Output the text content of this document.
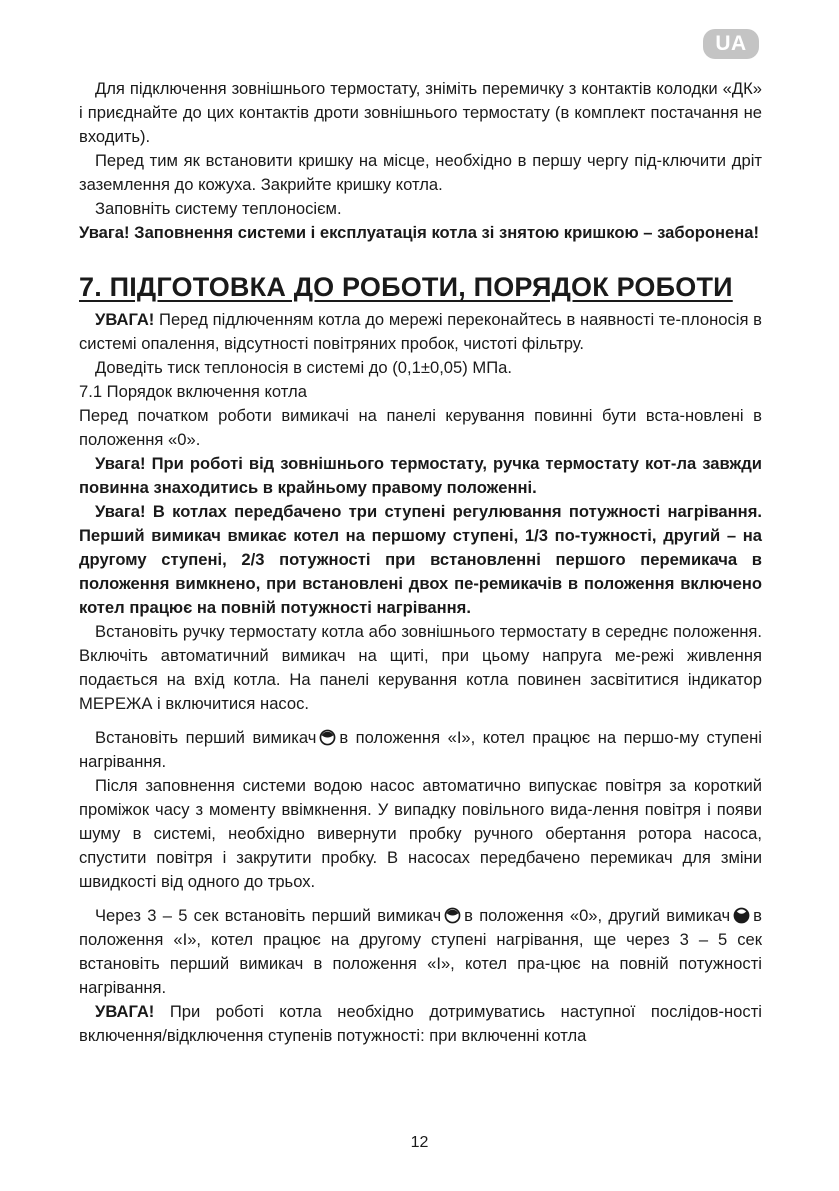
UA

Для підключення зовнішнього термостату, зніміть перемичку з контактів колодки «ДК» і приєднайте до цих контактів дроти зовнішнього термостату (в комплект постачання не входить).

Перед тим як встановити кришку на місце, необхідно в першу чергу під-ключити дріт заземлення до кожуха. Закрийте кришку котла.

Заповніть систему теплоносієм.

Увага! Заповнення системи і експлуатація котла зі знятою кришкою – заборонена!

7. ПІДГОТОВКА ДО РОБОТИ, ПОРЯДОК РОБОТИ

УВАГА! Перед підлюченням котла до мережі переконайтесь в наявності те-плоносія в системі опалення, відсутності повітряних пробок, чистоті фільтру.

Доведіть тиск теплоносія в системі до (0,1±0,05) МПа.

7.1 Порядок включення котла

Перед початком роботи вимикачі на панелі керування повинні бути вста-новлені в положення «0».

Увага! При роботі від зовнішнього термостату, ручка термостату кот-ла завжди повинна знаходитись в крайньому правому положенні.

Увага! В котлах передбачено три ступені регулювання потужності нагрівання. Перший вимикач вмикає котел на першому ступені, 1/3 по-тужності, другий – на другому ступені, 2/3 потужності при встановленні першого перемикача в положення вимкнено, при встановлені двох пе-ремикачів в положення включено котел працює на повній потужності нагрівання.

Встановіть ручку термостату котла або зовнішнього термостату в середнє положення. Включіть автоматичний вимикач на щиті, при цьому напруга ме-режі живлення подається на вхід котла. На панелі керування котла повинен засвітитися індикатор МЕРЕЖА і включитися насос.

Встановіть перший вимикач в положення «I», котел працює на першо-му ступені нагрівання.

Після заповнення системи водою насос автоматично випускає повітря за короткий проміжок часу з моменту ввімкнення. У випадку повільного вида-лення повітря і появи шуму в системі, необхідно вивернути пробку ручного обертання ротора насоса, спустити повітря і закрутити пробку. В насосах передбачено перемикач для зміни швидкості від одного до трьох.

Через 3 – 5 сек встановіть перший вимикач в положення «0», другий вимикач в положення «I», котел працює на другому ступені нагрівання, ще через 3 – 5 сек встановіть перший вимикач в положення «I», котел пра-цює на повній потужності нагрівання.

УВАГА! При роботі котла необхідно дотримуватись наступної послідов-ності включення/відключення ступенів потужності: при включенні котла

12
